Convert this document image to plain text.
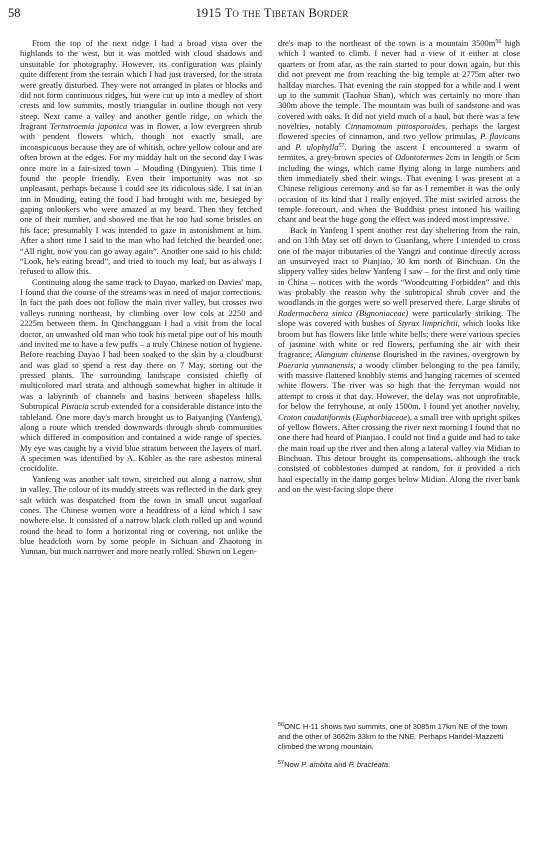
58	1915 To the Tibetan Border

From the top of the next ridge I had a broad vista over the highlands to the west, but it was mottled with cloud shadows and unsuitable for photography. However, its configuration was plainly quite different from the terrain which I had just traversed, for the strata were greatly disturbed. They were not arranged in plates or blocks and did not form continuous ridges, but were cut up into a medley of short crests and low summits, mostly triangular in outline though not very steep. Next came a valley and another gentle ridge, on which the fragrant Ternstroemia japonica was in flower, a low evergreen shrub with pendent flowers which, though not exactly small, are inconspicuous because they are of whitish, ochre yellow colour and are often brown at the edges. For my midday halt on the second day I was once more in a fair-sized town – Mouding (Dingyuen). This time I found the people friendly. Even their importunity was not so unpleasant, perhaps because I could see its ridiculous side. I sat in an inn in Mouding, eating the food I had brought with me, besieged by gaping onlookers who were amazed at my beard. Then they fetched one of their number, and showed me that he too had some bristles on his face; presumably I was intended to gaze in astonishment at him. After a short time I said to the man who had fetched the bearded one: “All right, now you can go away again”. Another one said to his child: “Look, he's eating bread”, and tried to touch my loaf, but as always I refused to allow this.

Continuing along the same track to Dayao, marked on Davies' map, I found that the course of the streams was in need of major corrections. In fact the path does not follow the main river valley, but crosses two valleys running northeast, by climbing over low cols at 2250 and 2225m between them. In Qinchangguan I had a visit from the local doctor, an unwashed old man who took his metal pipe out of his mouth and invited me to have a few puffs – a truly Chinese notion of hygiene. Before reaching Dayao I had been soaked to the skin by a cloudburst and was glad to spend a rest day there on 7 May, sorting out the pressed plants. The surrounding landscape consisted chiefly of multicolored marl strata and although somewhat higher in altitude it was a labyrinth of channels and basins between shapeless hills. Subtropical Pistacia scrub extended for a considerable distance into the tableland. One more day's march brought us to Baiyanjing (Yanfeng), along a route which trended downwards through shrub communities which differed in composition and contained a wide range of species. My eye was caught by a vivid blue stratum between the layers of marl. A specimen was identified by A. Köhler as the rare asbestos mineral crocidolite.

Yanfeng was another salt town, stretched out along a narrow, shut in valley. The colour of its muddy streets was reflected in the dark grey salt which was despatched from the town in small uncut sugarloaf cones. The Chinese women wore a headdress of a kind which I saw nowhere else. It consisted of a narrow black cloth rolled up and wound round the head to form a horizontal ring or covering, not unlike the blue headcloth worn by some people in Sichuan and Zhaotong in Yunnan, but much narrower and more neatly rolled. Shown on Legen-

dre's map to the northeast of the town is a mountain $3500m^{56}$ high which I wanted to climb. I never had a view of it either at close quarters or from afar, as the rain started to pour down again, but this did not prevent me from reaching the big temple at 2775m after two halfday marches. That evening the rain stopped for a while and I went up to the summit (Taohua Shan), which was certainly no more than 300m above the temple. The mountain was built of sandstone and was covered with oaks. It did not yield much of a haul, but there was a few novelties, notably Cinnamomum pittosporoides, perhaps the largest flowered species of cinnamon, and two yellow primulas, P. flavicans and P. ulophylla$^{57}$. During the ascent I encountered a swarm of termites, a grey-brown species of Odontotermes 2cm in length or 5cm including the wings, which came flying along in large numbers and then immediately shed their wings. That evening I was present at a Chinese religious ceremony and so far as I remember it was the only occasion of its kind that I really enjoyed. The mist swirled across the temple forecourt, and when the Buddhist priest intoned his wailing chant and beat the huge gong the effect was indeed most impressive.

Back in Yanfeng I spent another rest day sheltering from the rain, and on 13th May set off down to Guanfang, where I intended to cross one of the major tributaries of the Yangzi and continue directly across an unsurveyed tract to Pianjiao, 30 km north of Binchuan. On the slippery valley sides below Yanfeng I saw – for the first and only time in China – notices with the words “Woodcutting Forbidden” and this was probably the reason why the subtropical shrub cover and the woodlands in the gorges were so well preserved there. Large shrubs of Radermachera sinica (Bignoniaceae) were particularly striking. The slope was covered with bushes of Styrax limprichtii, which looks like broom but has flowers like little white bells; there were various species of jasmine with white or red flowers, perfuming the air with their fragrance; Alangium chinense flourished in the ravines, overgrown by Pueraria yunnanensis, a woody climber belonging to the pea family, with massive flattened knobbly stems and hanging racemes of scented white flowers. The river was so high that the ferryman would not attempt to cross it that day. However, the delay was not unprofitable, for below the ferryhouse, at only 1500m, I found yet another novelty, Croton caudatiformis (Euphorbiaceae), a small tree with upright spikes of yellow flowers. After crossing the river next morning I found that no one there had heard of Pianjiao. I could not find a guide and had to take the main road up the river and then along a lateral valley via Midian to Binchuan. This detour brought its compensations, although the track consisted of cobblestones dumped at random, for it provided a rich haul especially in the damp gorges below Midian. Along the river bank and on the west-facing slope there

$^{56}$ONC H-11 shows two summits, one of 3085m 17km NE of the town and the other of 3662m 33km to the NNE. Perhaps Handel-Mazzetti climbed the wrong mountain.

$^{57}$Now P. ambita and P. bracteata.
